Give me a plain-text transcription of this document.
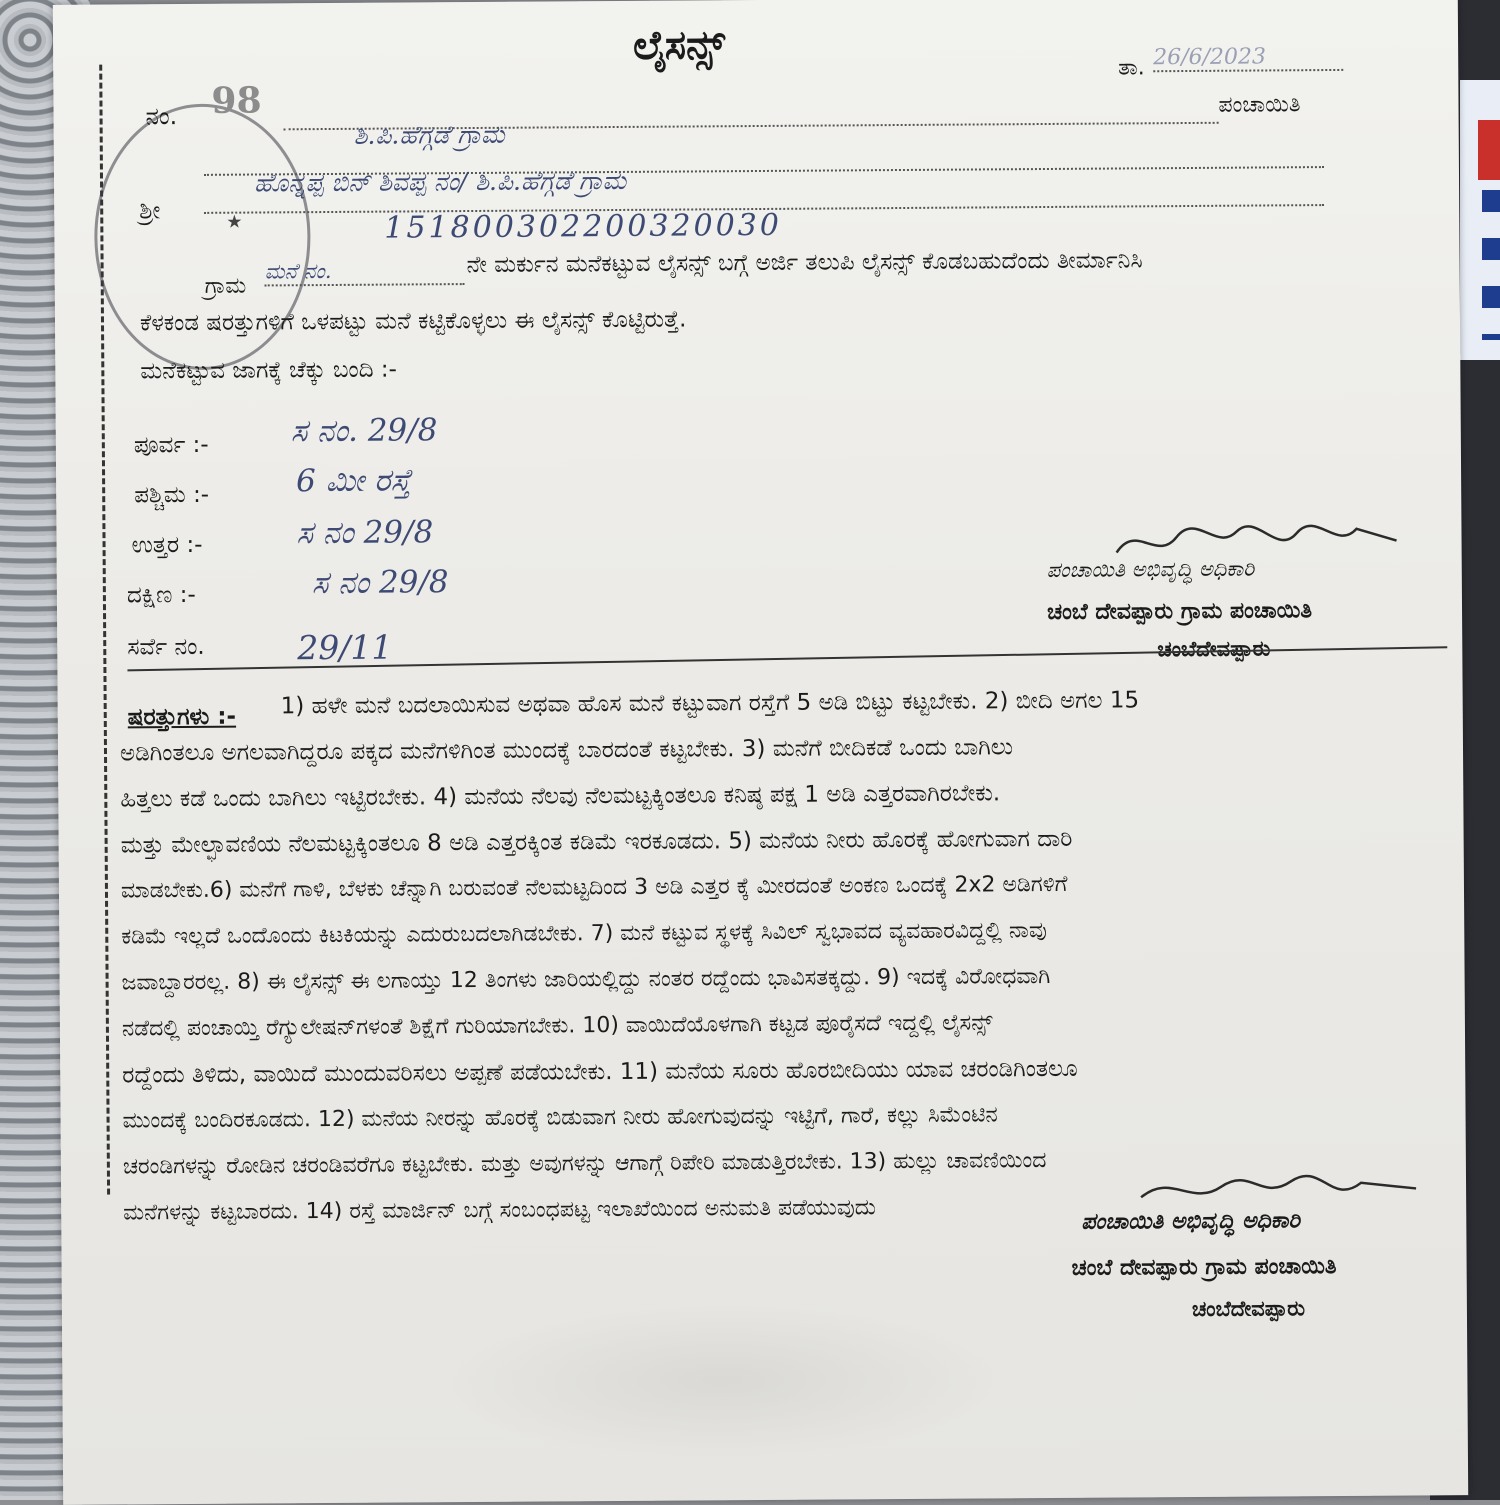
★
ಲೈಸನ್ಸ್	ತಾ. 26/6/2023
ನಂ. 98
ಶಿ.ಪಿ.ಹೆಗ್ಗಡೆ ಗ್ರಾಮ
ಪಂಚಾಯಿತಿ
ಶ್ರೀ
ಹೊನ್ನಪ್ಪ ಬಿನ್ ಶಿವಪ್ಪ ನಂ/ ಶಿ.ಪಿ.ಹೆಗ್ಗಡೆ ಗ್ರಾಮ
151800302200320030
ಗ್ರಾಮ
ಮನೆ ನಂ.	ನೇ ಮರ್ಕುನ ಮನೆಕಟ್ಟುವ ಲೈಸನ್ಸ್ ಬಗ್ಗೆ ಅರ್ಜಿ ತಲುಪಿ ಲೈಸನ್ಸ್ ಕೊಡಬಹುದೆಂದು ತೀರ್ಮಾನಿಸಿ
ಕೆಳಕಂಡ ಷರತ್ತುಗಳಿಗೆ ಒಳಪಟ್ಟು ಮನೆ ಕಟ್ಟಿಕೊಳ್ಳಲು ಈ ಲೈಸನ್ಸ್ ಕೊಟ್ಟಿರುತ್ತೆ.
ಮನೆಕಟ್ಟುವ ಜಾಗಕ್ಕೆ ಚೆಕ್ಕು ಬಂದಿ :-
ಪೂರ್ವ :-	ಸ ನಂ. 29/8
ಪಶ್ಚಿಮ :-	6 ಮೀ ರಸ್ತೆ
ಉತ್ತರ :-	ಸ ನಂ 29/8
ದಕ್ಷಿಣ :-	ಸ ನಂ 29/8
ಸರ್ವೆ ನಂ.	29/11
ಪಂಚಾಯಿತಿ ಅಭಿವೃದ್ಧಿ ಅಧಿಕಾರಿ
ಚಂಬೆ ದೇವಪ್ಪಾರು ಗ್ರಾಮ ಪಂಚಾಯಿತಿ
ಚಂಬೆದೇವಪ್ಪಾರು
ಷರತ್ತುಗಳು :- 1) ಹಳೇ ಮನೆ ಬದಲಾಯಿಸುವ ಅಥವಾ ಹೊಸ ಮನೆ ಕಟ್ಟುವಾಗ ರಸ್ತೆಗೆ 5 ಅಡಿ ಬಿಟ್ಟು ಕಟ್ಟಬೇಕು. 2) ಬೀದಿ ಅಗಲ 15
ಅಡಿಗಿಂತಲೂ ಅಗಲವಾಗಿದ್ದರೂ ಪಕ್ಕದ ಮನೆಗಳಿಗಿಂತ ಮುಂದಕ್ಕೆ ಬಾರದಂತೆ ಕಟ್ಟಬೇಕು. 3) ಮನೆಗೆ ಬೀದಿಕಡೆ ಒಂದು ಬಾಗಿಲು
ಹಿತ್ತಲು ಕಡೆ ಒಂದು ಬಾಗಿಲು ಇಟ್ಟಿರಬೇಕು. 4) ಮನೆಯ ನೆಲವು ನೆಲಮಟ್ಟಕ್ಕಿಂತಲೂ ಕನಿಷ್ಠ ಪಕ್ಷ 1 ಅಡಿ ಎತ್ತರವಾಗಿರಬೇಕು.
ಮತ್ತು ಮೇಲ್ಛಾವಣಿಯ ನೆಲಮಟ್ಟಕ್ಕಿಂತಲೂ 8 ಅಡಿ ಎತ್ತರಕ್ಕಿಂತ ಕಡಿಮೆ ಇರಕೂಡದು. 5) ಮನೆಯ ನೀರು ಹೊರಕ್ಕೆ ಹೋಗುವಾಗ ದಾರಿ
ಮಾಡಬೇಕು.6) ಮನೆಗೆ ಗಾಳಿ, ಬೆಳಕು ಚೆನ್ನಾಗಿ ಬರುವಂತೆ ನೆಲಮಟ್ಟದಿಂದ 3 ಅಡಿ ಎತ್ತರ ಕ್ಕೆ ಮೀರದಂತೆ ಅಂಕಣ ಒಂದಕ್ಕೆ 2x2 ಅಡಿಗಳಿಗೆ
ಕಡಿಮೆ ಇಲ್ಲದೆ ಒಂದೊಂದು ಕಿಟಕಿಯನ್ನು ಎದುರುಬದಲಾಗಿಡಬೇಕು. 7) ಮನೆ ಕಟ್ಟುವ ಸ್ಥಳಕ್ಕೆ ಸಿವಿಲ್ ಸ್ವಭಾವದ ವ್ಯವಹಾರವಿದ್ದಲ್ಲಿ ನಾವು
ಜವಾಬ್ದಾರರಲ್ಲ. 8) ಈ ಲೈಸನ್ಸ್ ಈ ಲಗಾಯ್ತು 12 ತಿಂಗಳು ಜಾರಿಯಲ್ಲಿದ್ದು ನಂತರ ರದ್ದೆಂದು ಭಾವಿಸತಕ್ಕದ್ದು. 9) ಇದಕ್ಕೆ ವಿರೋಧವಾಗಿ
ನಡೆದಲ್ಲಿ ಪಂಚಾಯ್ತಿ ರೆಗ್ಯುಲೇಷನ್‌ಗಳಂತೆ ಶಿಕ್ಷೆಗೆ ಗುರಿಯಾಗಬೇಕು. 10) ವಾಯಿದೆಯೊಳಗಾಗಿ ಕಟ್ಟಡ ಪೂರೈಸದೆ ಇದ್ದಲ್ಲಿ ಲೈಸನ್ಸ್
ರದ್ದೆಂದು ತಿಳಿದು, ವಾಯಿದೆ ಮುಂದುವರಿಸಲು ಅಪ್ಪಣೆ ಪಡೆಯಬೇಕು. 11) ಮನೆಯ ಸೂರು ಹೊರಬೀದಿಯು ಯಾವ ಚರಂಡಿಗಿಂತಲೂ
ಮುಂದಕ್ಕೆ ಬಂದಿರಕೂಡದು. 12) ಮನೆಯ ನೀರನ್ನು ಹೊರಕ್ಕೆ ಬಿಡುವಾಗ ನೀರು ಹೋಗುವುದನ್ನು ಇಟ್ಟಿಗೆ, ಗಾರೆ, ಕಲ್ಲು ಸಿಮೆಂಟಿನ
ಚರಂಡಿಗಳನ್ನು ರೋಡಿನ ಚರಂಡಿವರೆಗೂ ಕಟ್ಟಬೇಕು. ಮತ್ತು ಅವುಗಳನ್ನು ಆಗಾಗ್ಗೆ ರಿಪೇರಿ ಮಾಡುತ್ತಿರಬೇಕು. 13) ಹುಲ್ಲು ಚಾವಣಿಯಿಂದ
ಮನೆಗಳನ್ನು ಕಟ್ಟಬಾರದು. 14) ರಸ್ತೆ ಮಾರ್ಜಿನ್ ಬಗ್ಗೆ ಸಂಬಂಧಪಟ್ಟ ಇಲಾಖೆಯಿಂದ ಅನುಮತಿ ಪಡೆಯುವುದು	ಪಂಚಾಯಿತಿ ಅಭಿವೃದ್ಧಿ ಅಧಿಕಾರಿ
ಚಂಬೆ ದೇವಪ್ಪಾರು ಗ್ರಾಮ ಪಂಚಾಯಿತಿ
ಚಂಬೆದೇವಪ್ಪಾರು
